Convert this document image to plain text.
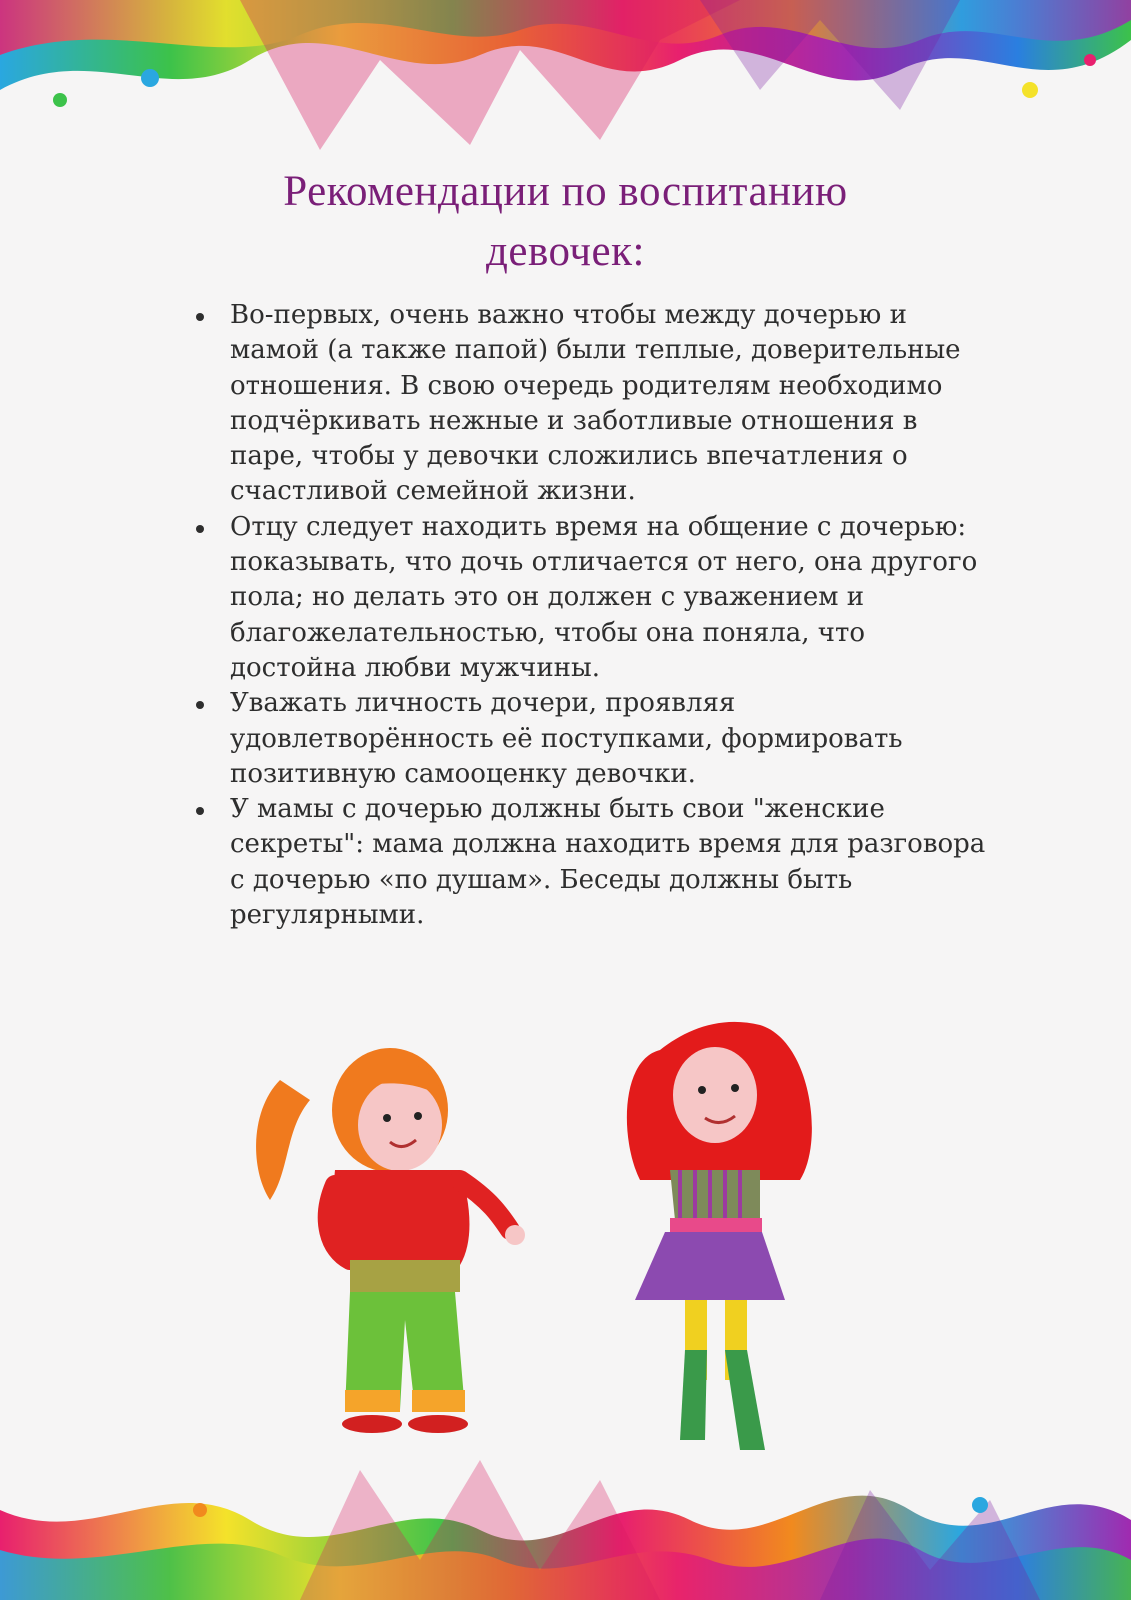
Рекомендации по воспитанию
девочек:
Во-первых, очень важно чтобы между дочерью и мамой (а также папой) были теплые, доверительные отношения. В свою очередь родителям необходимо подчёркивать нежные и заботливые отношения в паре, чтобы у девочки сложились впечатления о счастливой семейной жизни.
Отцу следует находить время на общение с дочерью: показывать, что дочь отличается от него, она другого пола; но делать это он должен с уважением и благожелательностью, чтобы она поняла, что достойна любви мужчины.
Уважать личность дочери, проявляя удовлетворённость её поступками, формировать позитивную самооценку девочки.
У мамы с дочерью должны быть свои "женские секреты": мама должна находить время для разговора с дочерью «по душам». Беседы должны быть регулярными.
